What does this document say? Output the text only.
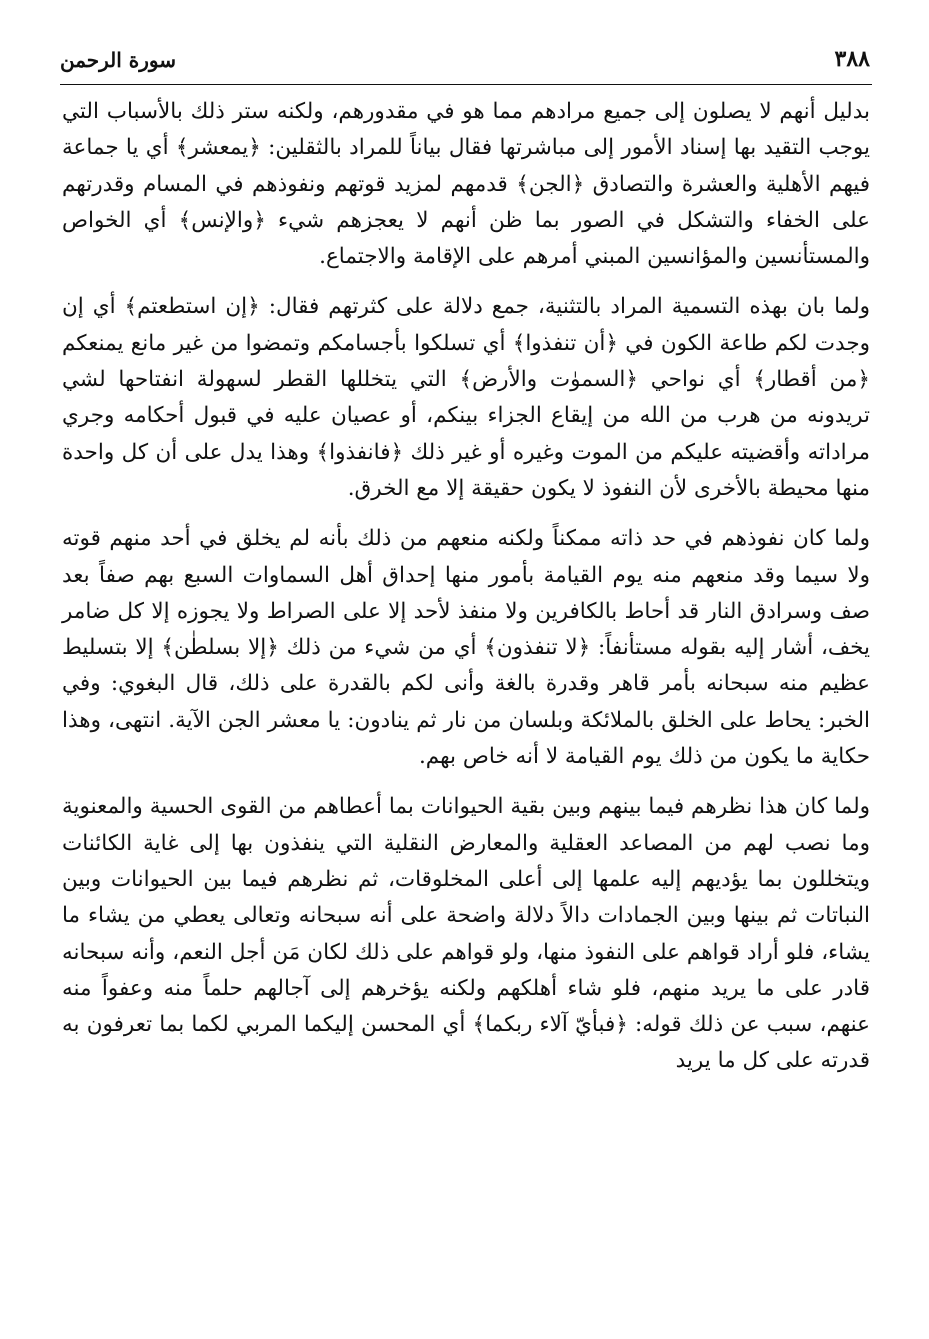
٣٨٨
سورة الرحمن

بدليل أنهم لا يصلون إلى جميع مرادهم مما هو في مقدورهم، ولكنه ستر ذلك بالأسباب التي يوجب التقيد بها إسناد الأمور إلى مباشرتها فقال بياناً للمراد بالثقلين: ﴿يمعشر﴾ أي يا جماعة فيهم الأهلية والعشرة والتصادق ﴿الجن﴾ قدمهم لمزيد قوتهم ونفوذهم في المسام وقدرتهم على الخفاء والتشكل في الصور بما ظن أنهم لا يعجزهم شيء ﴿والإنس﴾ أي الخواص والمستأنسين والمؤانسين المبني أمرهم على الإقامة والاجتماع.

ولما بان بهذه التسمية المراد بالتثنية، جمع دلالة على كثرتهم فقال: ﴿إن استطعتم﴾ أي إن وجدت لكم طاعة الكون في ﴿أن تنفذوا﴾ أي تسلكوا بأجسامكم وتمضوا من غير مانع يمنعكم ﴿من أقطار﴾ أي نواحي ﴿السموٰت والأرض﴾ التي يتخللها القطر لسهولة انفتاحها لشي تريدونه من هرب من الله من إيقاع الجزاء بينكم، أو عصيان عليه في قبول أحكامه وجري مراداته وأقضيته عليكم من الموت وغيره أو غير ذلك ﴿فانفذوا﴾ وهذا يدل على أن كل واحدة منها محيطة بالأخرى لأن النفوذ لا يكون حقيقة إلا مع الخرق.

ولما كان نفوذهم في حد ذاته ممكناً ولكنه منعهم من ذلك بأنه لم يخلق في أحد منهم قوته ولا سيما وقد منعهم منه يوم القيامة بأمور منها إحداق أهل السماوات السبع بهم صفاً بعد صف وسرادق النار قد أحاط بالكافرين ولا منفذ لأحد إلا على الصراط ولا يجوزه إلا كل ضامر يخف، أشار إليه بقوله مستأنفاً: ﴿لا تنفذون﴾ أي من شيء من ذلك ﴿إلا بسلطٰن﴾ إلا بتسليط عظيم منه سبحانه بأمر قاهر وقدرة بالغة وأنى لكم بالقدرة على ذلك، قال البغوي: وفي الخبر: يحاط على الخلق بالملائكة وبلسان من نار ثم ينادون: يا معشر الجن الآية. انتهى، وهذا حكاية ما يكون من ذلك يوم القيامة لا أنه خاص بهم.

ولما كان هذا نظرهم فيما بينهم وبين بقية الحيوانات بما أعطاهم من القوى الحسية والمعنوية وما نصب لهم من المصاعد العقلية والمعارض النقلية التي ينفذون بها إلى غاية الكائنات ويتخللون بما يؤديهم إليه علمها إلى أعلى المخلوقات، ثم نظرهم فيما بين الحيوانات وبين النباتات ثم بينها وبين الجمادات دالاً دلالة واضحة على أنه سبحانه وتعالى يعطي من يشاء ما يشاء، فلو أراد قواهم على النفوذ منها، ولو قواهم على ذلك لكان مَن أجل النعم، وأنه سبحانه قادر على ما يريد منهم، فلو شاء أهلكهم ولكنه يؤخرهم إلى آجالهم حلماً منه وعفواً منه عنهم، سبب عن ذلك قوله: ﴿فبأيّ آلاء ربكما﴾ أي المحسن إليكما المربي لكما بما تعرفون به قدرته على كل ما يريد
